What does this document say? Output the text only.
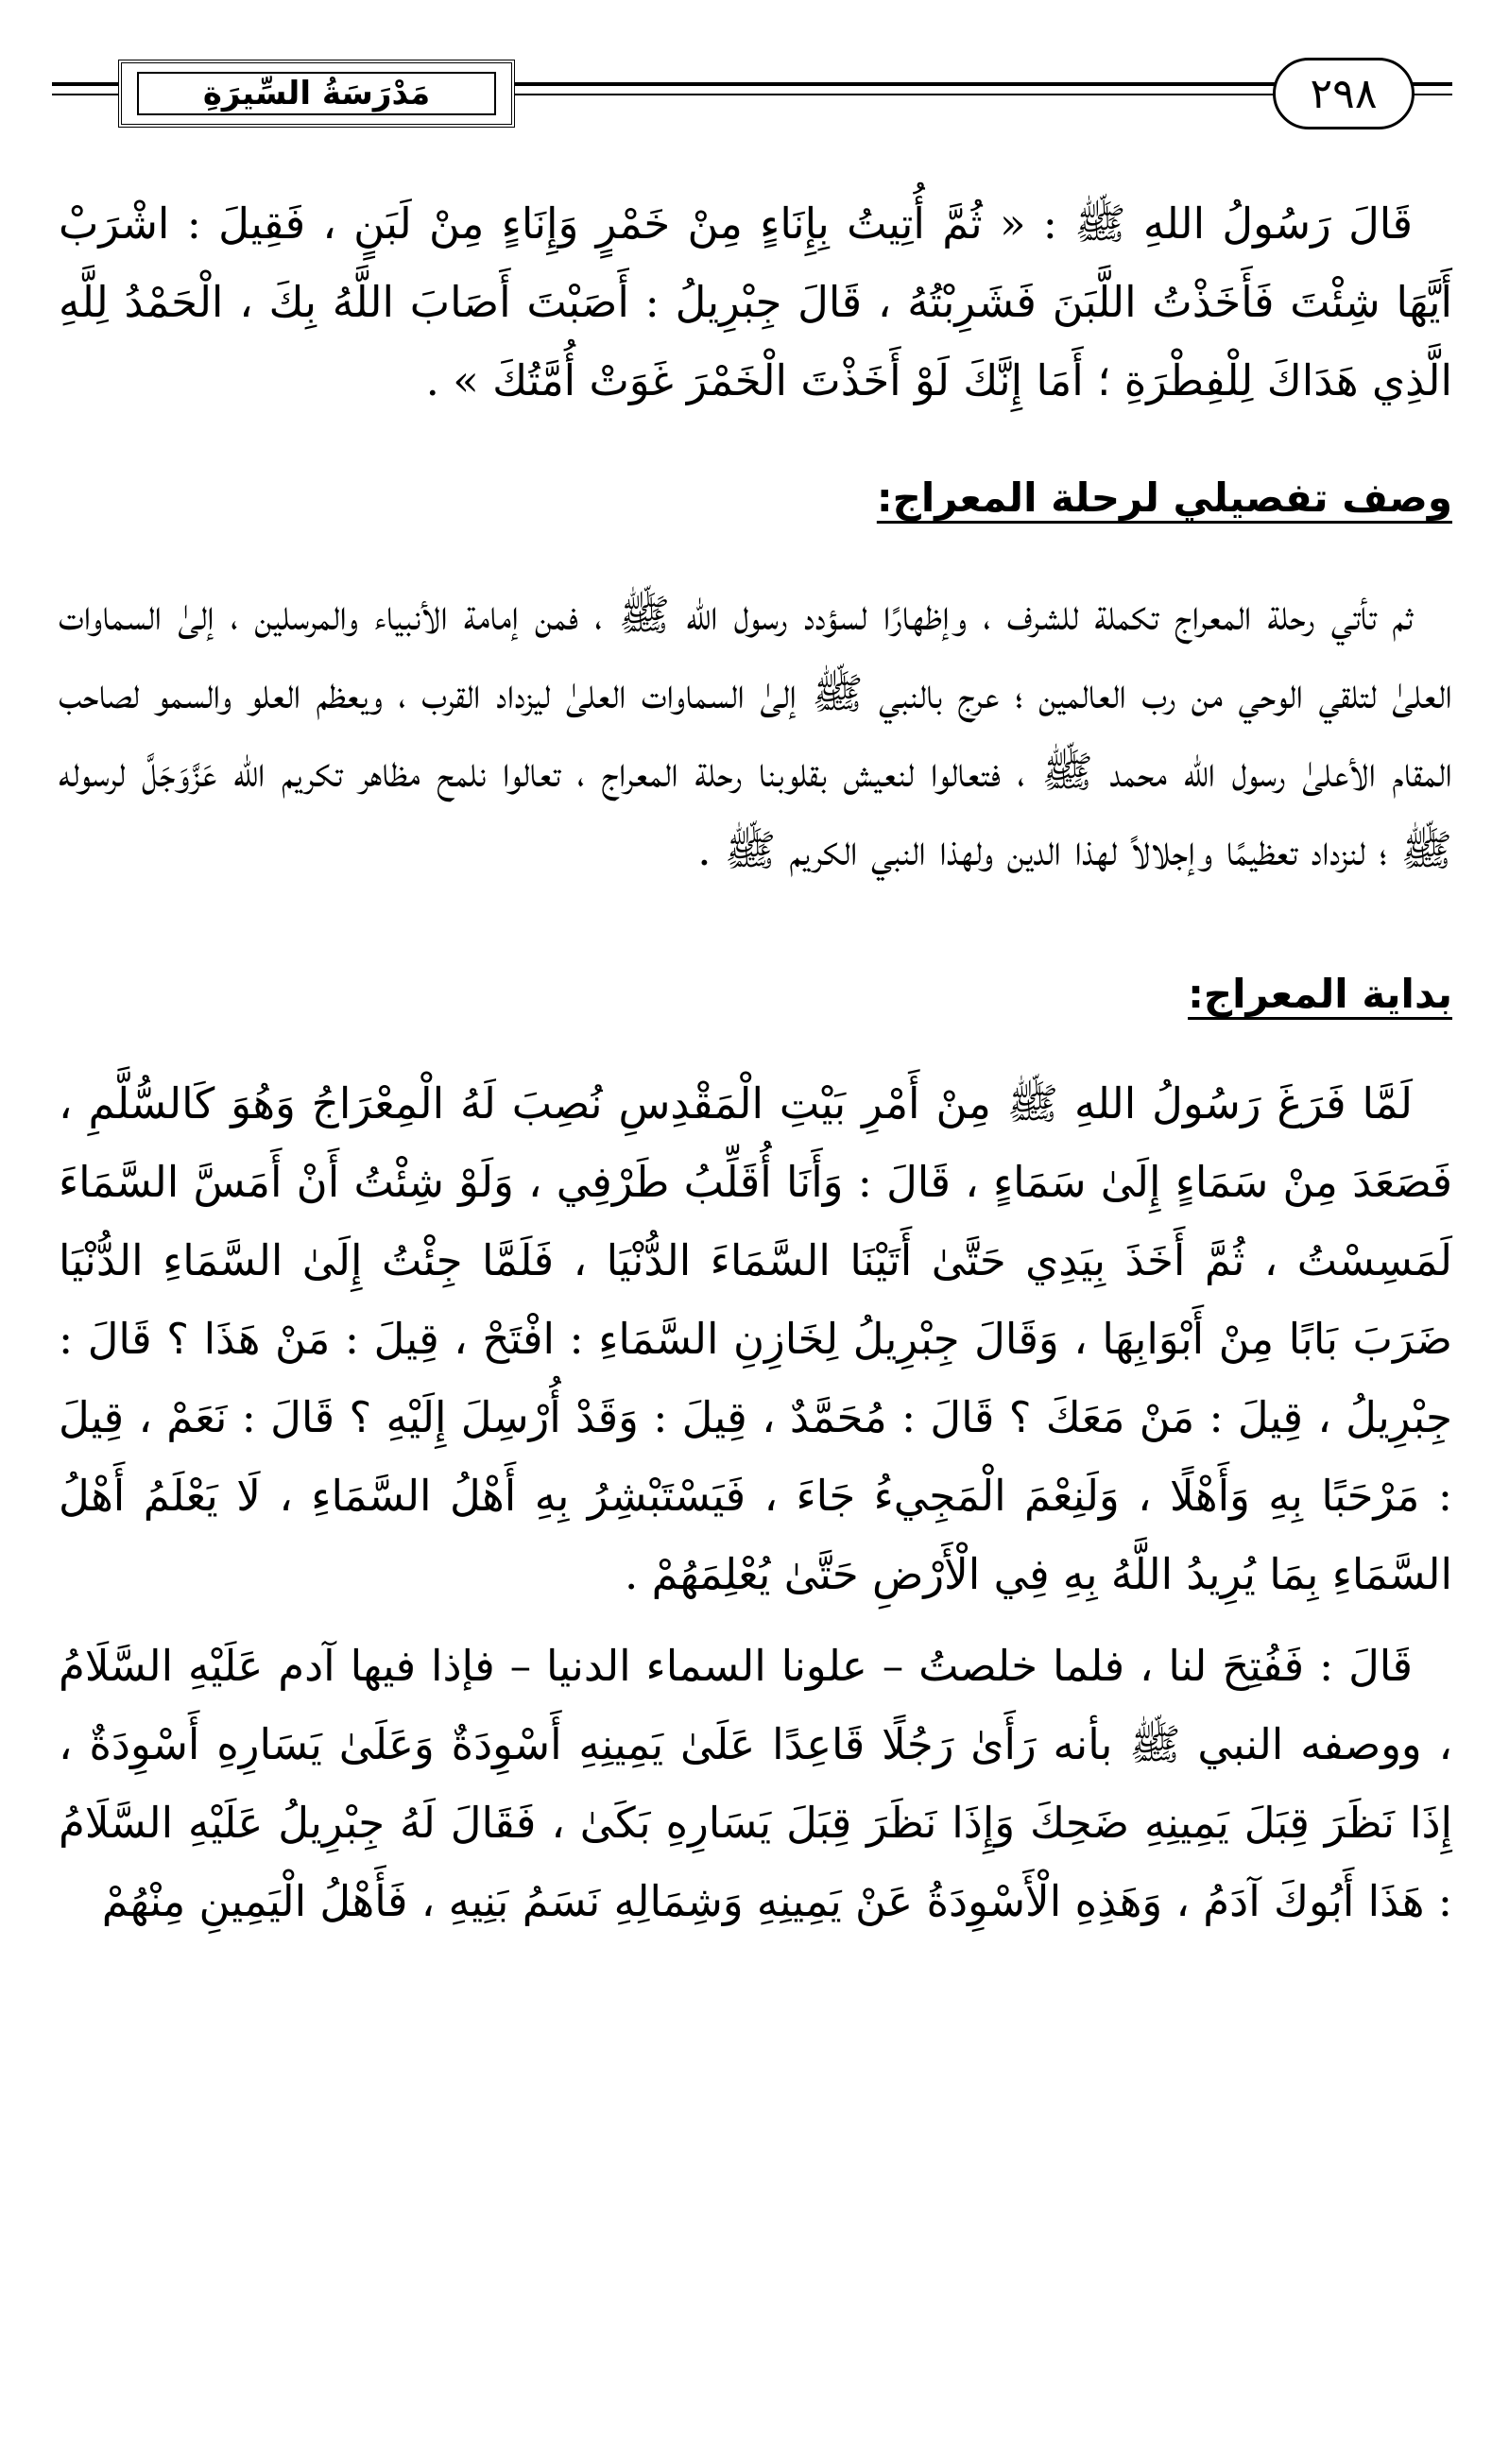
مَدْرَسَةُ السِّيرَةِ	٢٩٨

قَالَ رَسُولُ اللهِ ﷺ : « ثُمَّ أُتِيتُ بِإِنَاءٍ مِنْ خَمْرٍ وَإِنَاءٍ مِنْ لَبَنٍ ، فَقِيلَ : اشْرَبْ أَيَّهَا شِئْتَ فَأَخَذْتُ اللَّبَنَ فَشَرِبْتُهُ ، قَالَ جِبْرِيلُ : أَصَبْتَ أَصَابَ اللَّهُ بِكَ ، الْحَمْدُ لِلَّهِ الَّذِي هَدَاكَ لِلْفِطْرَةِ ؛ أَمَا إِنَّكَ لَوْ أَخَذْتَ الْخَمْرَ غَوَتْ أُمَّتُكَ » .

وصف تفصيلي لرحلة المعراج:

ثم تأتي رحلة المعراج تكملة للشرف ، وإظهارًا لسؤدد رسول الله ﷺ ، فمن إمامة الأنبياء والمرسلين ، إلىٰ السماوات العلىٰ لتلقي الوحي من رب العالمين ؛ عرج بالنبي ﷺ إلىٰ السماوات العلىٰ ليزداد القرب ، ويعظم العلو والسمو لصاحب المقام الأعلىٰ رسول الله محمد ﷺ ، فتعالوا لنعيش بقلوبنا رحلة المعراج ، تعالوا نلمح مظاهر تكريم الله عَزَّوَجَلَّ لرسوله ﷺ ؛ لنزداد تعظيمًا وإجلالاً لهذا الدين ولهذا النبي الكريم ﷺ .

بداية المعراج:

لَمَّا فَرَغَ رَسُولُ اللهِ ﷺ مِنْ أَمْرِ بَيْتِ الْمَقْدِسِ نُصِبَ لَهُ الْمِعْرَاجُ وَهُوَ كَالسُّلَّمِ ، فَصَعَدَ مِنْ سَمَاءٍ إِلَىٰ سَمَاءٍ ، قَالَ : وَأَنَا أُقَلِّبُ طَرْفِي ، وَلَوْ شِئْتُ أَنْ أَمَسَّ السَّمَاءَ لَمَسِسْتُ ، ثُمَّ أَخَذَ بِيَدِي حَتَّىٰ أَتَيْنَا السَّمَاءَ الدُّنْيَا ، فَلَمَّا جِئْتُ إِلَىٰ السَّمَاءِ الدُّنْيَا ضَرَبَ بَابًا مِنْ أَبْوَابِهَا ، وَقَالَ جِبْرِيلُ لِخَازِنِ السَّمَاءِ : افْتَحْ ، قِيلَ : مَنْ هَذَا ؟ قَالَ : جِبْرِيلُ ، قِيلَ : مَنْ مَعَكَ ؟ قَالَ : مُحَمَّدٌ ، قِيلَ : وَقَدْ أُرْسِلَ إِلَيْهِ ؟ قَالَ : نَعَمْ ، قِيلَ : مَرْحَبًا بِهِ وَأَهْلًا ، وَلَنِعْمَ الْمَجِيءُ جَاءَ ، فَيَسْتَبْشِرُ بِهِ أَهْلُ السَّمَاءِ ، لَا يَعْلَمُ أَهْلُ السَّمَاءِ بِمَا يُرِيدُ اللَّهُ بِهِ فِي الْأَرْضِ حَتَّىٰ يُعْلِمَهُمْ .

قَالَ : فَفُتِحَ لنا ، فلما خلصتُ – علونا السماء الدنيا – فإذا فيها آدم عَلَيْهِ السَّلَامُ ، ووصفه النبي ﷺ بأنه رَأَىٰ رَجُلًا قَاعِدًا عَلَىٰ يَمِينِهِ أَسْوِدَةٌ وَعَلَىٰ يَسَارِهِ أَسْوِدَةٌ ، إِذَا نَظَرَ قِبَلَ يَمِينِهِ ضَحِكَ وَإِذَا نَظَرَ قِبَلَ يَسَارِهِ بَكَىٰ ، فَقَالَ لَهُ جِبْرِيلُ عَلَيْهِ السَّلَامُ : هَذَا أَبُوكَ آدَمُ ، وَهَذِهِ الْأَسْوِدَةُ عَنْ يَمِينِهِ وَشِمَالِهِ نَسَمُ بَنِيهِ ، فَأَهْلُ الْيَمِينِ مِنْهُمْ
